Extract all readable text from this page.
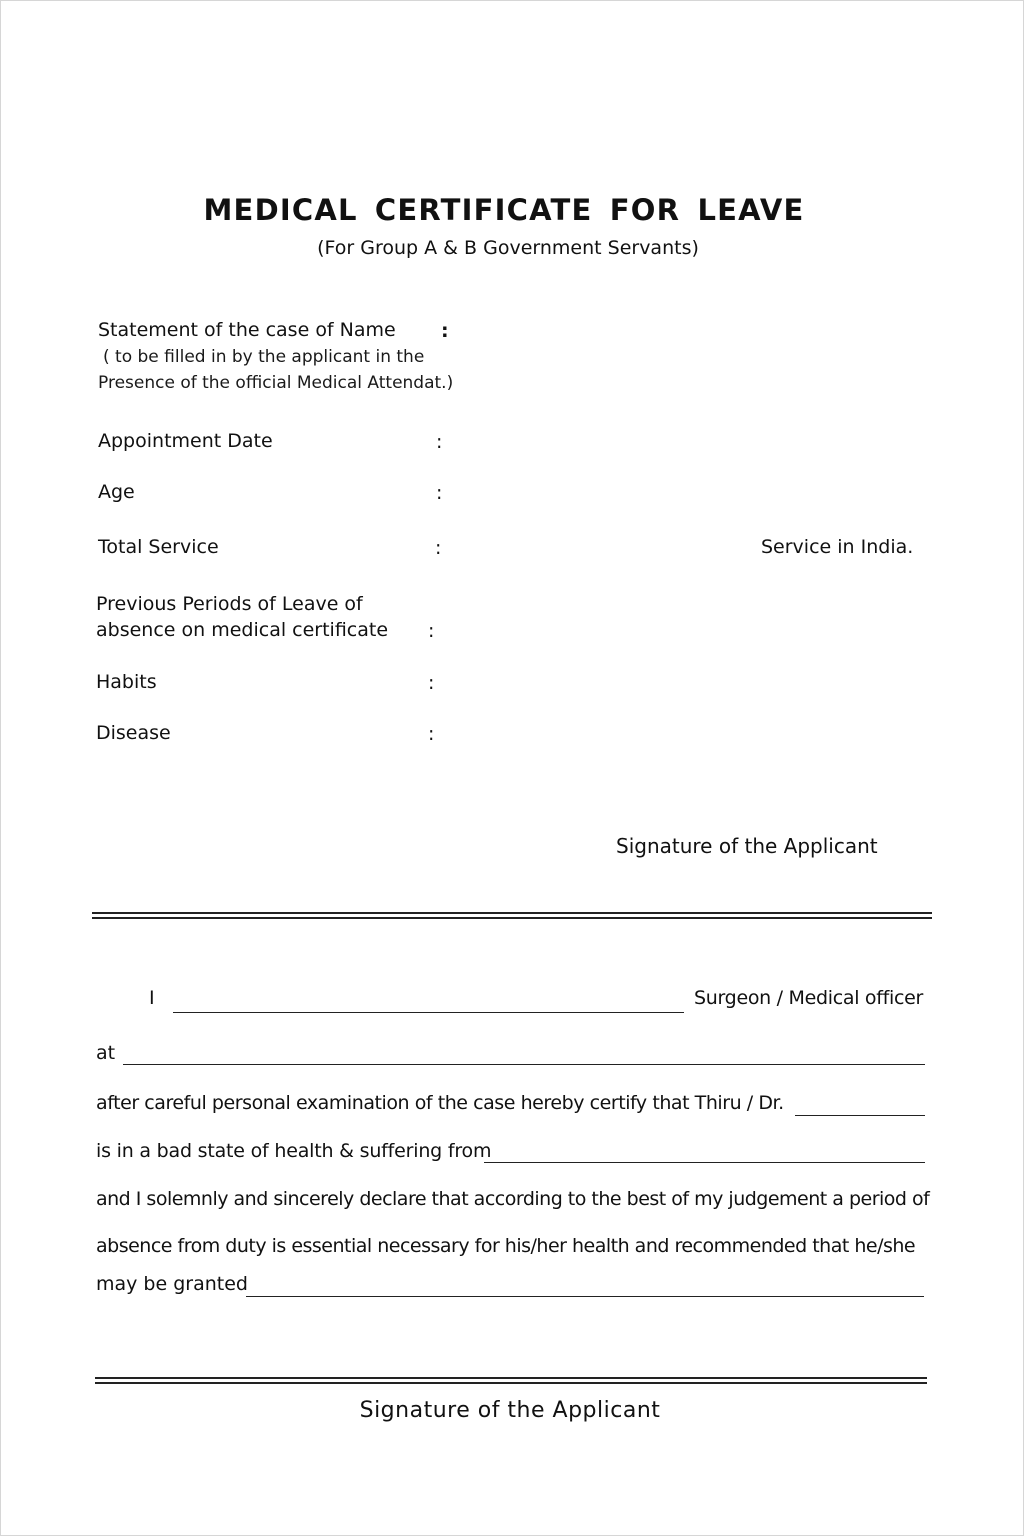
MEDICAL CERTIFICATE FOR LEAVE
(For Group A & B Government Servants)
Statement of the case of Name :
( to be filled in by the applicant in the
Presence of the official Medical Attendat.)
Appointment Date	:
Age	:
Total Service	:	Service in India.
Previous Periods of Leave of
absence on medical certificate :
Habits	:
Disease	:
Signature of the Applicant
I	Surgeon / Medical officer
at
after careful personal examination of the case hereby certify that Thiru / Dr.
is in a bad state of health & suffering from
and I solemnly and sincerely declare that according to the best of my judgement a period of
absence from duty is essential necessary for his/her health and recommended that he/she
may be granted
Signature of the Applicant
